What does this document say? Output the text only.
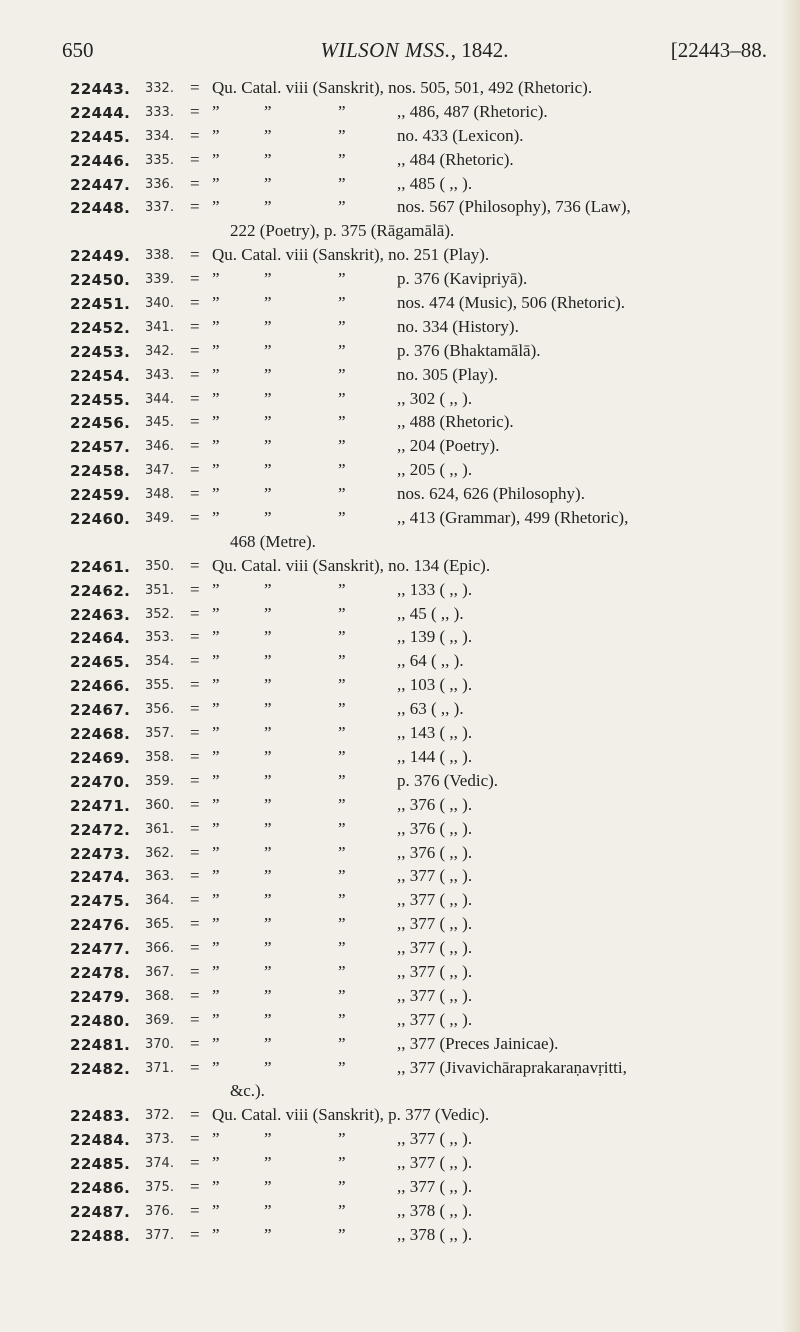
650	WILSON MSS., 1842.	[22443–88.
22443. 332. = Qu. Catal. viii (Sanskrit), nos. 505, 501, 492 (Rhetoric).
22444. 333. = ”	”	”	,, 486, 487 (Rhetoric).
22445. 334. = ”	”	”	no. 433 (Lexicon).
22446. 335. = ”	”	”	,, 484 (Rhetoric).
22447. 336. = ”	”	”	,, 485 ( ,, ).
22448. 337. = ”	”	”	nos. 567 (Philosophy), 736 (Law),
222 (Poetry), p. 375 (Rāgamālā).
22449. 338. = Qu. Catal. viii (Sanskrit), no. 251 (Play).
22450. 339. = ”	”	”	p. 376 (Kavipriyā).
22451. 340. = ”	”	”	nos. 474 (Music), 506 (Rhetoric).
22452. 341. = ”	”	”	no. 334 (History).
22453. 342. = ”	”	”	p. 376 (Bhaktamālā).
22454. 343. = ”	”	”	no. 305 (Play).
22455. 344. = ”	”	”	,, 302 ( ,, ).
22456. 345. = ”	”	”	,, 488 (Rhetoric).
22457. 346. = ”	”	”	,, 204 (Poetry).
22458. 347. = ”	”	”	,, 205 ( ,, ).
22459. 348. = ”	”	”	nos. 624, 626 (Philosophy).
22460. 349. = ”	”	”	,, 413 (Grammar), 499 (Rhetoric),
468 (Metre).
22461. 350. = Qu. Catal. viii (Sanskrit), no. 134 (Epic).
22462. 351. = ”	”	”	,, 133 ( ,, ).
22463. 352. = ”	”	”	,, 45 ( ,, ).
22464. 353. = ”	”	”	,, 139 ( ,, ).
22465. 354. = ”	”	”	,, 64 ( ,, ).
22466. 355. = ”	”	”	,, 103 ( ,, ).
22467. 356. = ”	”	”	,, 63 ( ,, ).
22468. 357. = ”	”	”	,, 143 ( ,, ).
22469. 358. = ”	”	”	,, 144 ( ,, ).
22470. 359. = ”	”	”	p. 376 (Vedic).
22471. 360. = ”	”	”	,, 376 ( ,, ).
22472. 361. = ”	”	”	,, 376 ( ,, ).
22473. 362. = ”	”	”	,, 376 ( ,, ).
22474. 363. = ”	”	”	,, 377 ( ,, ).
22475. 364. = ”	”	”	,, 377 ( ,, ).
22476. 365. = ”	”	”	,, 377 ( ,, ).
22477. 366. = ”	”	”	,, 377 ( ,, ).
22478. 367. = ”	”	”	,, 377 ( ,, ).
22479. 368. = ”	”	”	,, 377 ( ,, ).
22480. 369. = ”	”	”	,, 377 ( ,, ).
22481. 370. = ”	”	”	,, 377 (Preces Jainicae).
22482. 371. = ”	”	”	,, 377 (Jivavichāraprakaraṇavṛitti,
&c.).
22483. 372. = Qu. Catal. viii (Sanskrit), p. 377 (Vedic).
22484. 373. = ”	”	”	,, 377 ( ,, ).
22485. 374. = ”	”	”	,, 377 ( ,, ).
22486. 375. = ”	”	”	,, 377 ( ,, ).
22487. 376. = ”	”	”	,, 378 ( ,, ).
22488. 377. = ”	”	”	,, 378 ( ,, ).
